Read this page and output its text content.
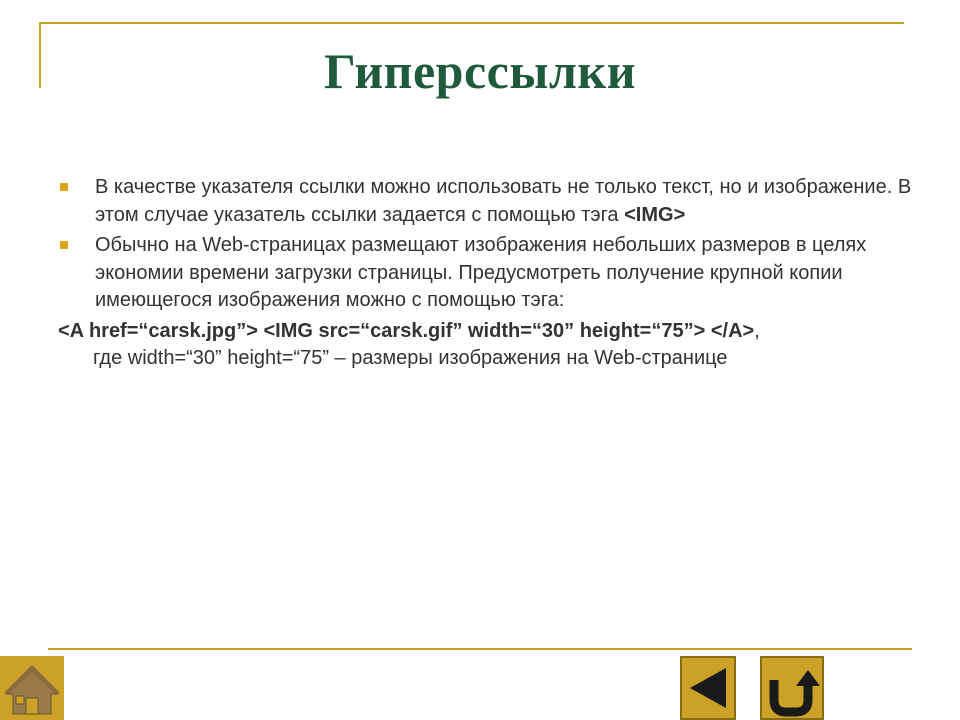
Гиперссылки
В качестве указателя ссылки можно использовать не только текст, но и изображение. В этом случае указатель ссылки задается с помощью тэга <IMG>
Обычно на Web-страницах размещают изображения небольших размеров в целях экономии времени загрузки страницы. Предусмотреть получение крупной копии имеющегося изображения можно с помощью тэга:
<A href=“carsk.jpg”> <IMG src=“carsk.gif” width=“30” height=“75”> </A>,
где width=“30” height=“75” – размеры изображения на Web-странице
